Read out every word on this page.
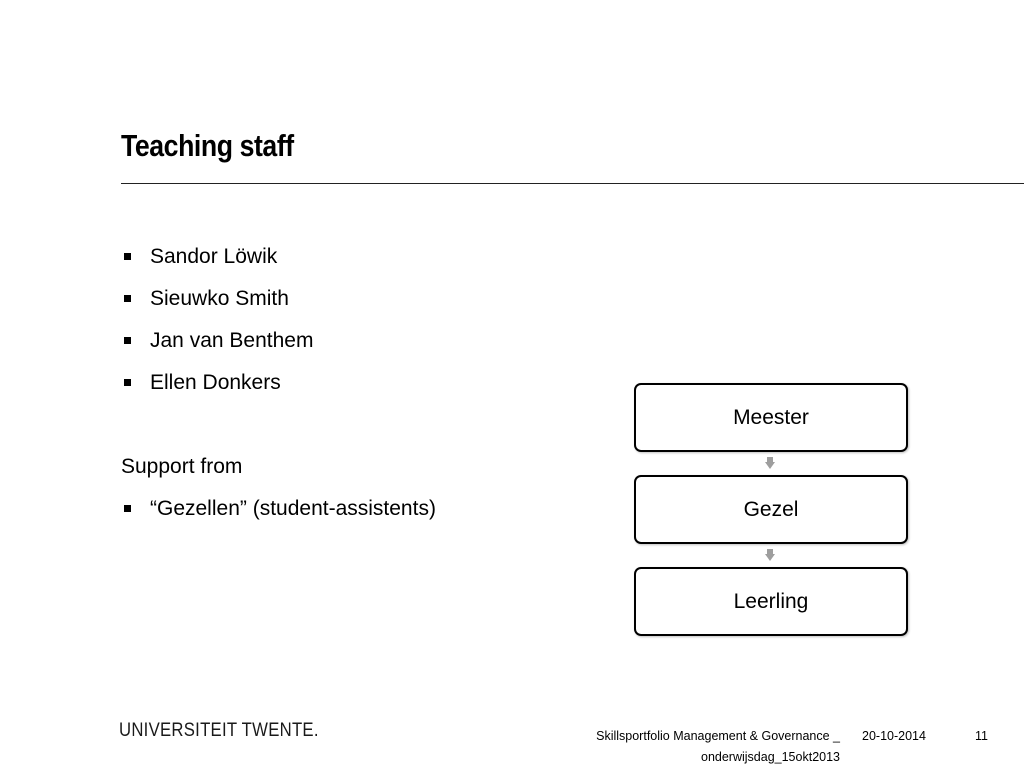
Teaching staff
Sandor Löwik
Sieuwko Smith
Jan van Benthem
Ellen Donkers
Support from
“Gezellen” (student-assistents)
Meester
Gezel
Leerling
UNIVERSITEIT TWENTE.	Skillsportfolio Management & Governance _
onderwijsdag_15okt2013
20-10-2014	11
